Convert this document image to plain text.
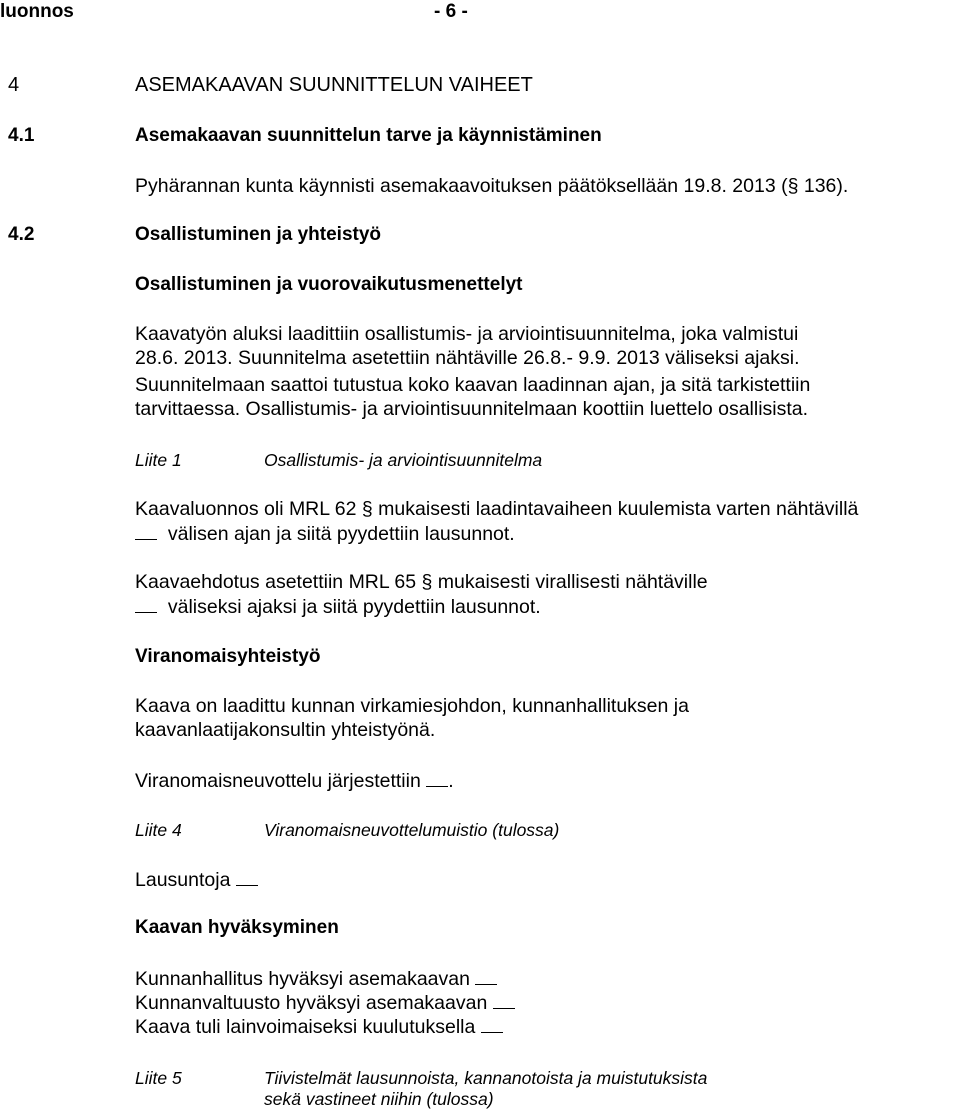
luonnos	- 6 -
4	ASEMAKAAVAN SUUNNITTELUN VAIHEET
4.1	Asemakaavan suunnittelun tarve ja käynnistäminen
Pyhärannan kunta käynnisti asemakaavoituksen päätöksellään 19.8. 2013 (§ 136).
4.2	Osallistuminen ja yhteistyö
Osallistuminen ja vuorovaikutusmenettelyt
Kaavatyön aluksi laadittiin osallistumis- ja arviointisuunnitelma, joka valmistui
28.6. 2013. Suunnitelma asetettiin nähtäville 26.8.- 9.9. 2013 väliseksi ajaksi.
Suunnitelmaan saattoi tutustua koko kaavan laadinnan ajan, ja sitä tarkistettiin
tarvittaessa. Osallistumis- ja arviointisuunnitelmaan koottiin luettelo osallisista.
Liite 1	Osallistumis- ja arviointisuunnitelma
Kaavaluonnos oli MRL 62 § mukaisesti laadintavaiheen kuulemista varten nähtävillä
välisen ajan ja siitä pyydettiin lausunnot.
Kaavaehdotus asetettiin MRL 65 § mukaisesti virallisesti nähtäville
väliseksi ajaksi ja siitä pyydettiin lausunnot.
Viranomaisyhteistyö
Kaava on laadittu kunnan virkamiesjohdon, kunnanhallituksen ja
kaavanlaatijakonsultin yhteistyönä.
Viranomaisneuvottelu järjestettiin .
Liite 4	Viranomaisneuvottelumuistio (tulossa)
Lausuntoja
Kaavan hyväksyminen
Kunnanhallitus hyväksyi asemakaavan
Kunnanvaltuusto hyväksyi asemakaavan
Kaava tuli lainvoimaiseksi kuulutuksella
Liite 5	Tiivistelmät lausunnoista, kannanotoista ja muistutuksista
sekä vastineet niihin (tulossa)
